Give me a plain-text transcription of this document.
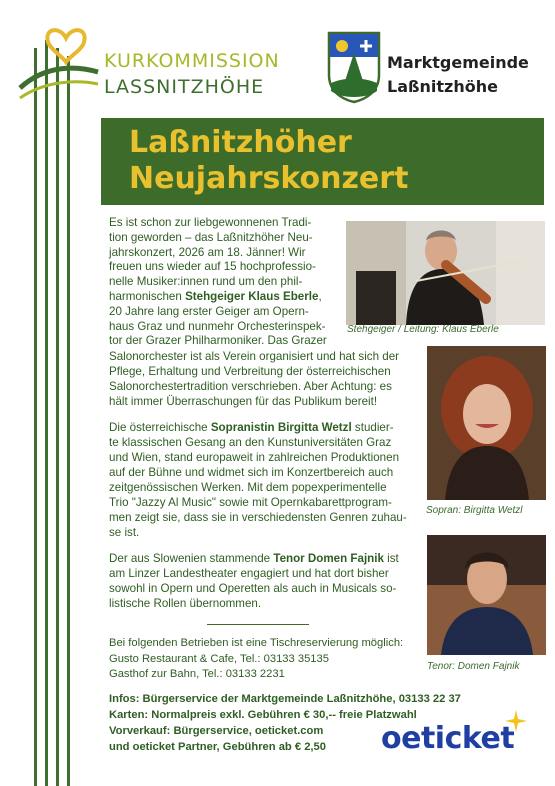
KURKOMMISSION
LASSNITZHÖHE
Marktgemeinde
Laßnitzhöhe
Laßnitzhöher
Neujahrskonzert
Stehgeiger / Leitung: Klaus Eberle
Es ist schon zur liebgewonnenen Tradi-
tion geworden – das Laßnitzhöher Neu-
jahrskonzert, 2026 am 18. Jänner! Wir
freuen uns wieder auf 15 hochprofessio-
nelle Musiker:innen rund um den phil-
harmonischen Stehgeiger Klaus Eberle,
20 Jahre lang erster Geiger am Opern-
haus Graz und nunmehr Orchesterinspek-
tor der Grazer Philharmoniker. Das Grazer
Salonorchester ist als Verein organisiert und hat sich der
Pflege, Erhaltung und Verbreitung der österreichischen
Salonorchestertradition verschrieben. Aber Achtung: es
hält immer Überraschungen für das Publikum bereit!
Sopran: Birgitta Wetzl
Die österreichische Sopranistin Birgitta Wetzl studier-
te klassischen Gesang an den Kunstuniversitäten Graz
und Wien, stand europaweit in zahlreichen Produktionen
auf der Bühne und widmet sich im Konzertbereich auch
zeitgenössischen Werken. Mit dem popexperimentelle
Trio "Jazzy Al Music" sowie mit Opernkabarettprogram-
men zeigt sie, dass sie in verschiedensten Genren zuhau-
se ist.
Tenor: Domen Fajnik
Der aus Slowenien stammende Tenor Domen Fajnik ist
am Linzer Landestheater engagiert und hat dort bisher
sowohl in Opern und Operetten als auch in Musicals so-
listische Rollen übernommen.
Bei folgenden Betrieben ist eine Tischreservierung möglich:
Gusto Restaurant & Cafe, Tel.: 03133 35135
Gasthof zur Bahn, Tel.: 03133 2231
Infos: Bürgerservice der Marktgemeinde Laßnitzhöhe, 03133 22 37
Karten: Normalpreis exkl. Gebühren € 30,-- freie Platzwahl
Vorverkauf: Bürgerservice, oeticket.com
und oeticket Partner, Gebühren ab € 2,50 oeticket
